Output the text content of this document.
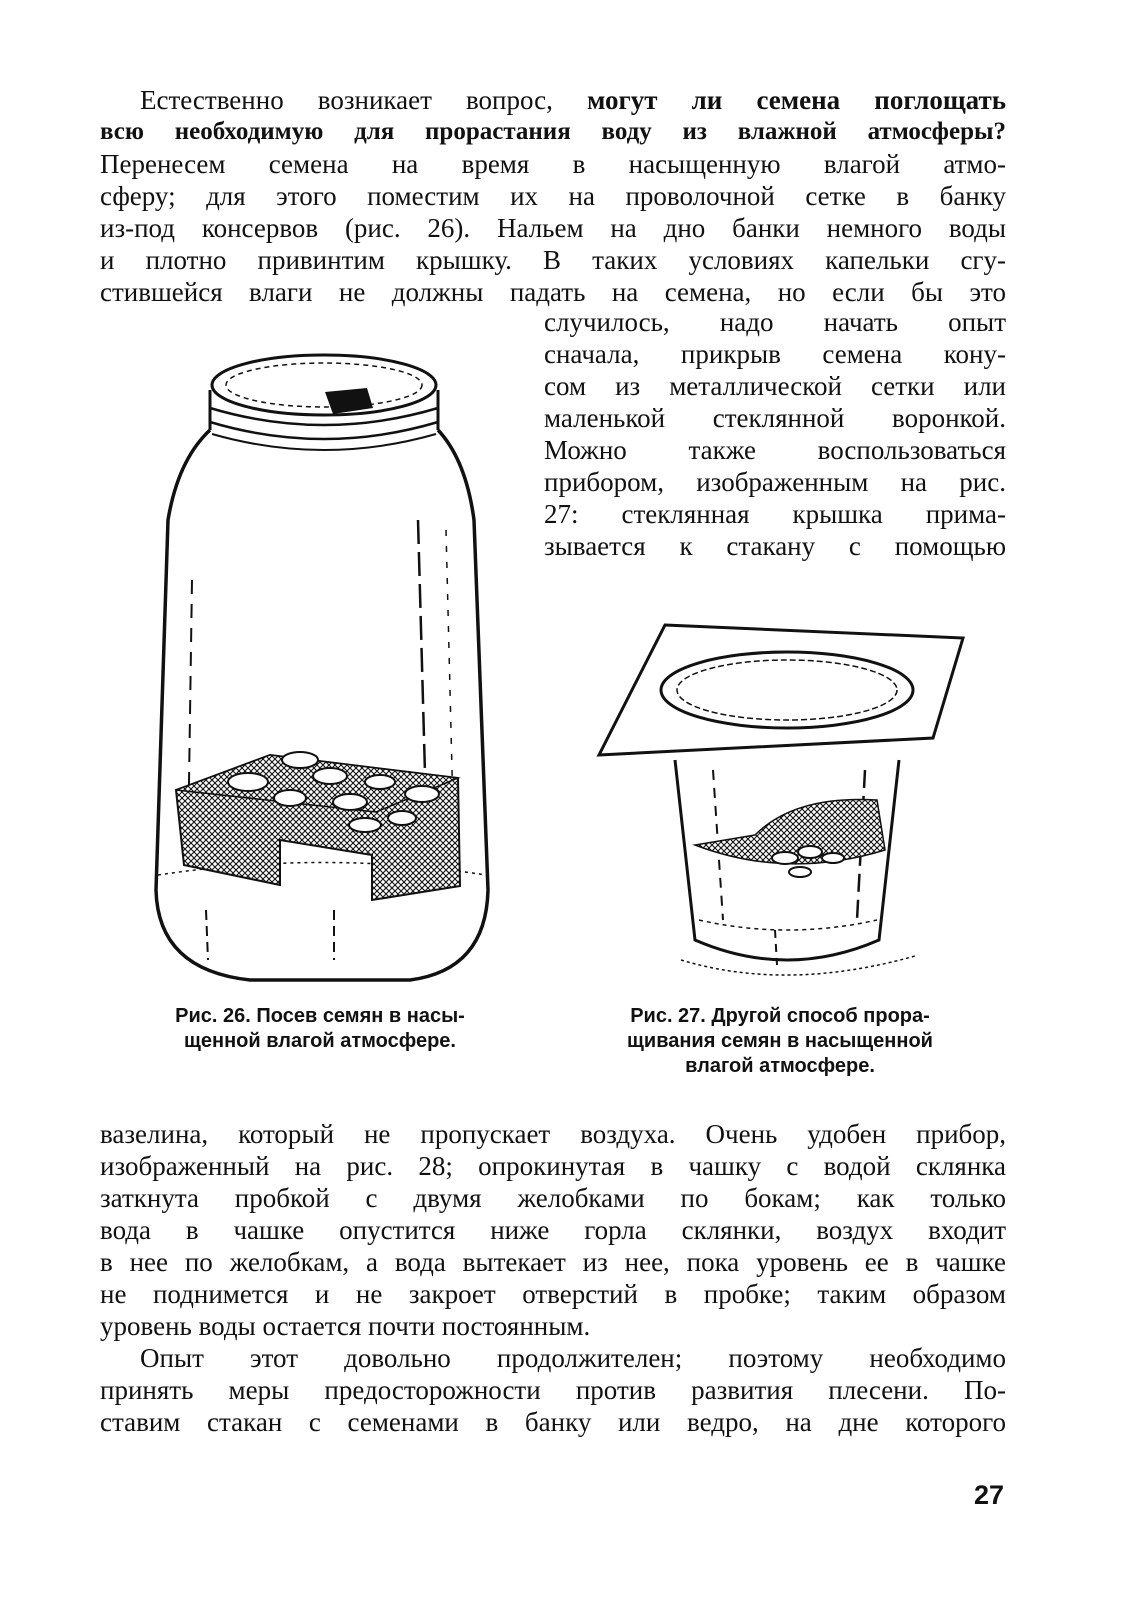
Естественно возникает вопрос, могут ли семена поглощать
всю необходимую для прорастания воду из влажной атмосферы?
Перенесем семена на время в насыщенную влагой атмо-
сферу; для этого поместим их на проволочной сетке в банку
из-под консервов (рис. 26). Нальем на дно банки немного воды
и плотно привинтим крышку. В таких условиях капельки сгу-
стившейся влаги не должны падать на семена, но если бы это
случилось, надо начать опыт
сначала, прикрыв семена кону-
сом из металлической сетки или
маленькой стеклянной воронкой.
Можно также воспользоваться
прибором, изображенным на рис.
27: стеклянная крышка прима-
зывается к стакану с помощью
Рис. 26. Посев семян в насы-
щенной влагой атмосфере.
Рис. 27. Другой способ прора-
щивания семян в насыщенной
влагой атмосфере.
вазелина, который не пропускает воздуха. Очень удобен прибор,
изображенный на рис. 28; опрокинутая в чашку с водой склянка
заткнута пробкой с двумя желобками по бокам; как только
вода в чашке опустится ниже горла склянки, воздух входит
в нее по желобкам, а вода вытекает из нее, пока уровень ее в чашке
не поднимется и не закроет отверстий в пробке; таким образом
уровень воды остается почти постоянным.
Опыт этот довольно продолжителен; поэтому необходимо
принять меры предосторожности против развития плесени. По-
ставим стакан с семенами в банку или ведро, на дне которого
27
